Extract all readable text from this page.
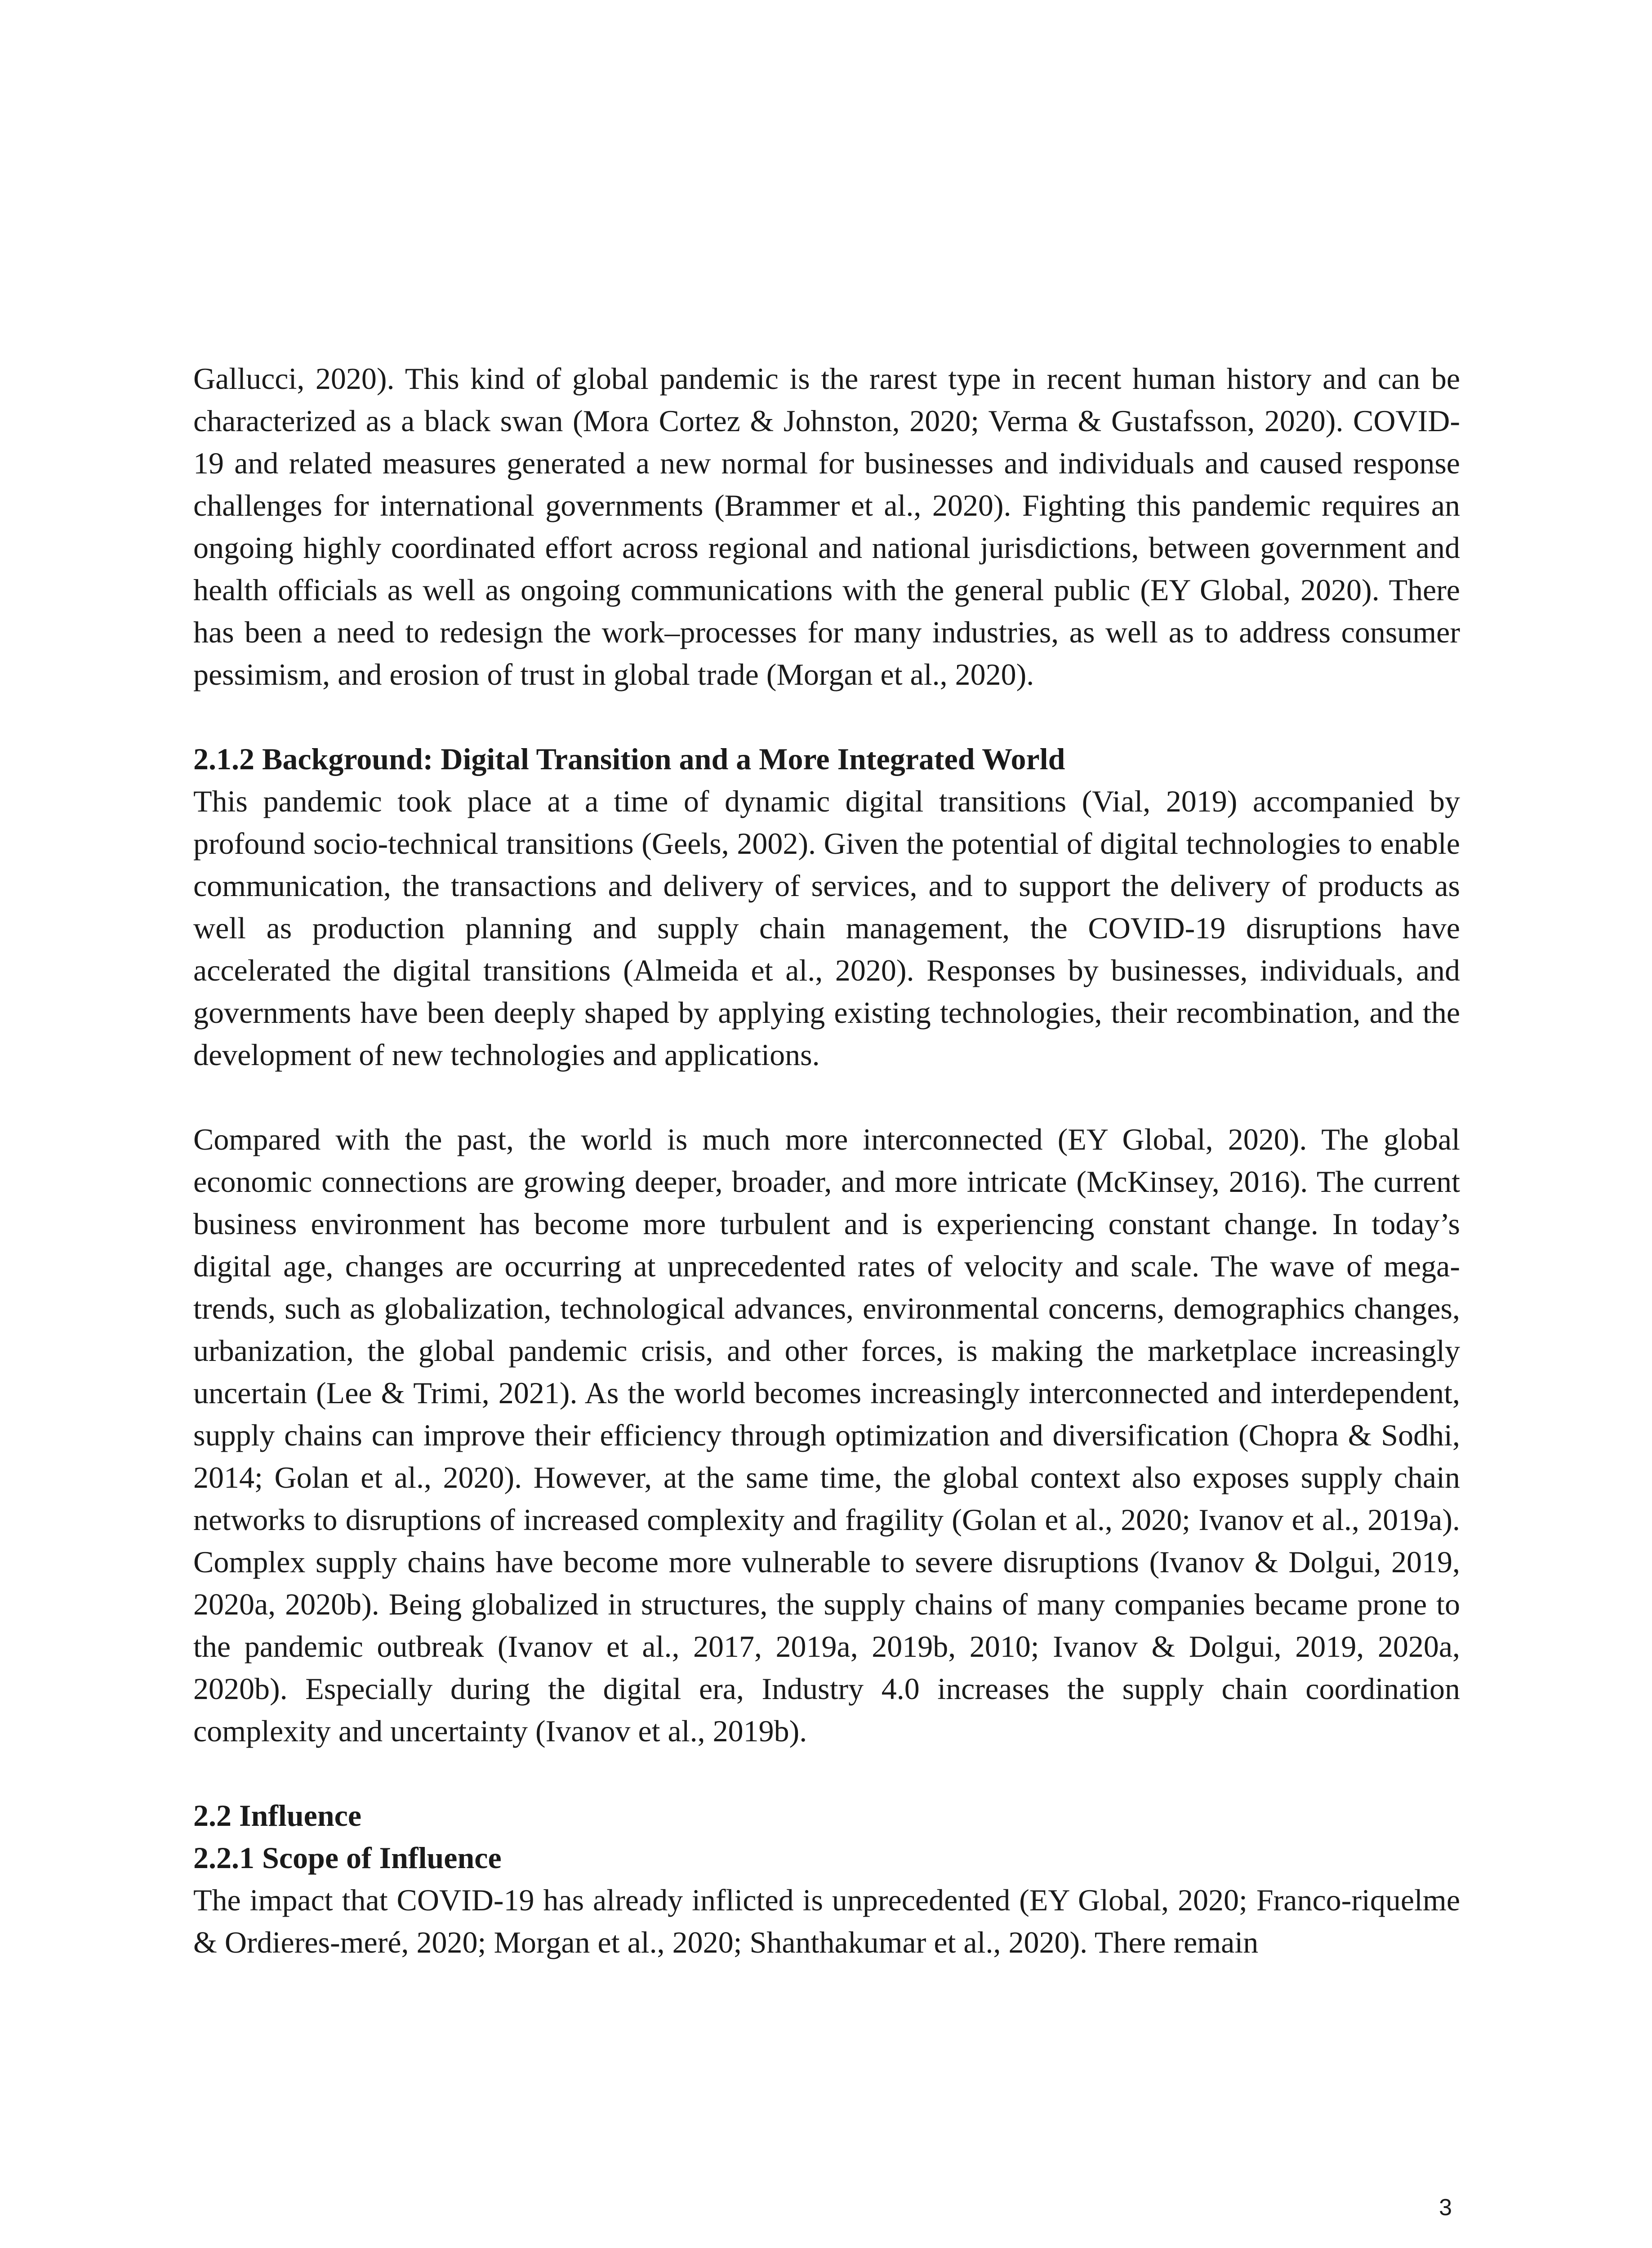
Gallucci, 2020). This kind of global pandemic is the rarest type in recent human history and can be characterized as a black swan (Mora Cortez & Johnston, 2020; Verma & Gustafsson, 2020). COVID-19 and related measures generated a new normal for businesses and individuals and caused response challenges for international governments (Brammer et al., 2020). Fighting this pandemic requires an ongoing highly coordinated effort across regional and national jurisdictions, between government and health officials as well as ongoing communications with the general public (EY Global, 2020). There has been a need to redesign the work–processes for many industries, as well as to address consumer pessimism, and erosion of trust in global trade (Morgan et al., 2020).

2.1.2 Background: Digital Transition and a More Integrated World

This pandemic took place at a time of dynamic digital transitions (Vial, 2019) accompanied by profound socio-technical transitions (Geels, 2002). Given the potential of digital technologies to enable communication, the transactions and delivery of services, and to support the delivery of products as well as production planning and supply chain management, the COVID-19 disruptions have accelerated the digital transitions (Almeida et al., 2020). Responses by businesses, individuals, and governments have been deeply shaped by applying existing technologies, their recombination, and the development of new technologies and applications.

Compared with the past, the world is much more interconnected (EY Global, 2020). The global economic connections are growing deeper, broader, and more intricate (McKinsey, 2016). The current business environment has become more turbulent and is experiencing constant change. In today’s digital age, changes are occurring at unprecedented rates of velocity and scale. The wave of mega-trends, such as globalization, technological advances, environmental concerns, demographics changes, urbanization, the global pandemic crisis, and other forces, is making the marketplace increasingly uncertain (Lee & Trimi, 2021). As the world becomes increasingly interconnected and interdependent, supply chains can improve their efficiency through optimization and diversification (Chopra & Sodhi, 2014; Golan et al., 2020). However, at the same time, the global context also exposes supply chain networks to disruptions of increased complexity and fragility (Golan et al., 2020; Ivanov et al., 2019a). Complex supply chains have become more vulnerable to severe disruptions (Ivanov & Dolgui, 2019, 2020a, 2020b). Being globalized in structures, the supply chains of many companies became prone to the pandemic outbreak (Ivanov et al., 2017, 2019a, 2019b, 2010; Ivanov & Dolgui, 2019, 2020a, 2020b). Especially during the digital era, Industry 4.0 increases the supply chain coordination complexity and uncertainty (Ivanov et al., 2019b).

2.2 Influence
2.2.1 Scope of Influence

The impact that COVID-19 has already inflicted is unprecedented (EY Global, 2020; Franco-riquelme & Ordieres-meré, 2020; Morgan et al., 2020; Shanthakumar et al., 2020). There remain

3
